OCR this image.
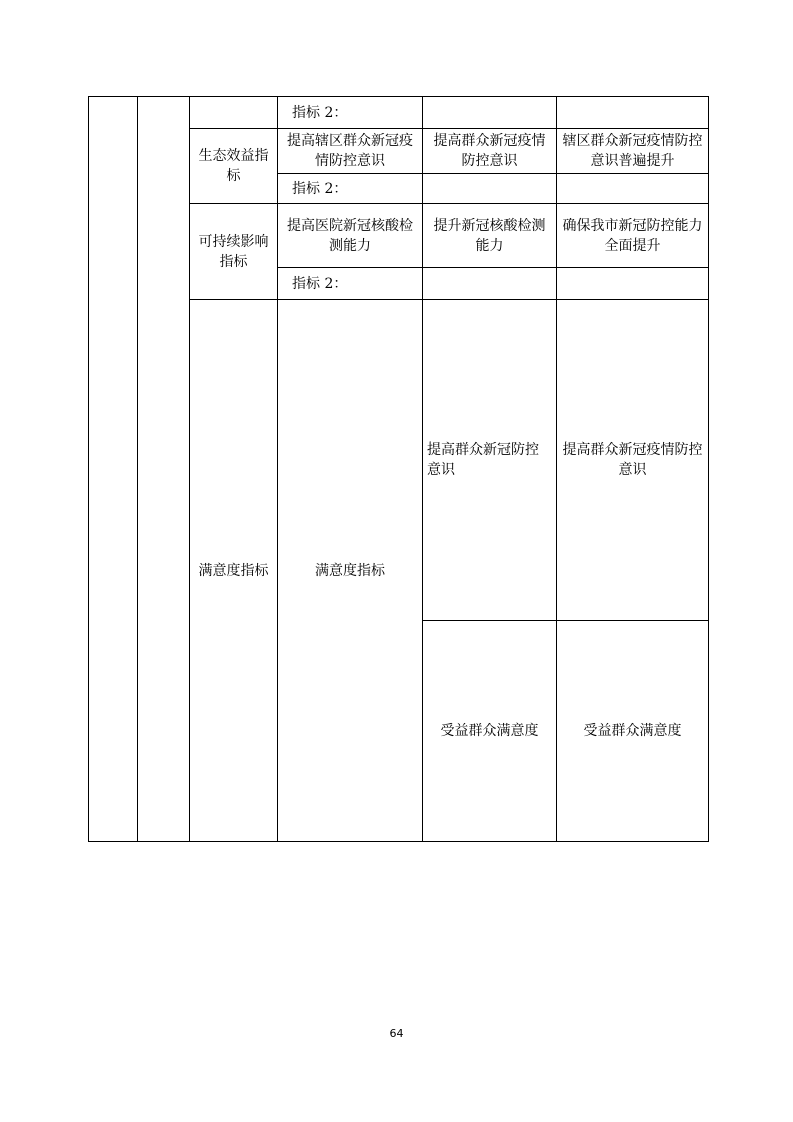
			指标 2：			
		生态效益指标	提高辖区群众新冠疫情防控意识	提高群众新冠疫情防控意识	辖区群众新冠疫情防控意识普遍提升	
			指标 2：			
		可持续影响指标	提高医院新冠核酸检测能力	提升新冠核酸检测能力	确保我市新冠防控能力全面提升	
			指标 2：			
		满意度指标	满意度指标	提高群众新冠防控意识	提高群众新冠疫情防控意识	
				受益群众满意度	受益群众满意度	
64
